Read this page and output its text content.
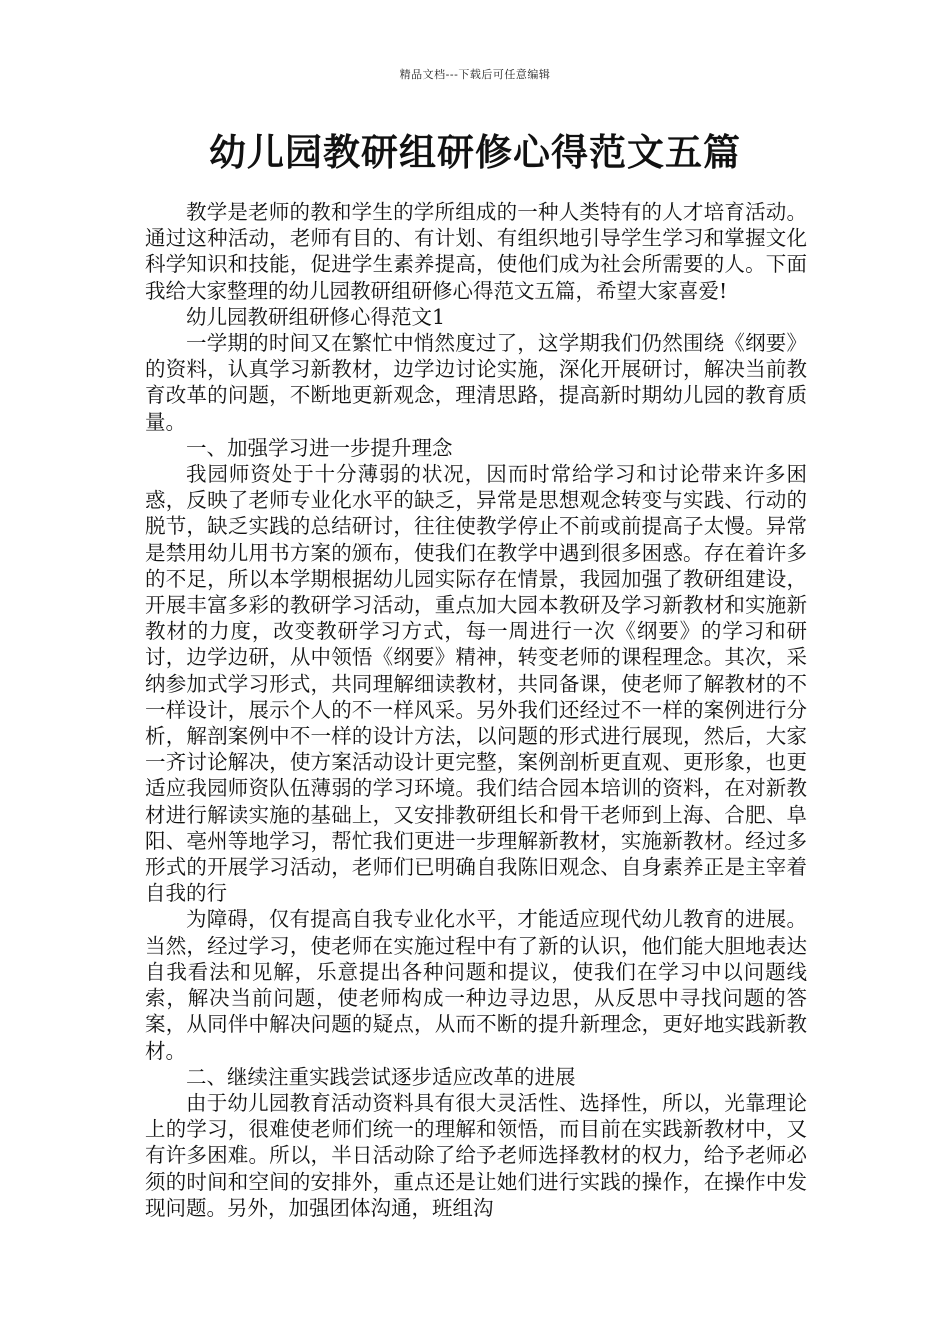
精品文档---下载后可任意编辑
幼儿园教研组研修心得范文五篇

教学是老师的教和学生的学所组成的一种人类特有的人才培育活动。通过这种活动，老师有目的、有计划、有组织地引导学生学习和掌握文化科学知识和技能，促进学生素养提高，使他们成为社会所需要的人。下面我给大家整理的幼儿园教研组研修心得范文五篇，希望大家喜爱!

幼儿园教研组研修心得范文1

一学期的时间又在繁忙中悄然度过了，这学期我们仍然围绕《纲要》的资料，认真学习新教材，边学边讨论实施，深化开展研讨，解决当前教育改革的问题，不断地更新观念，理清思路，提高新时期幼儿园的教育质量。

一、加强学习进一步提升理念

我园师资处于十分薄弱的状况，因而时常给学习和讨论带来许多困惑，反映了老师专业化水平的缺乏，异常是思想观念转变与实践、行动的脱节，缺乏实践的总结研讨，往往使教学停止不前或前提高子太慢。异常是禁用幼儿用书方案的颁布，使我们在教学中遇到很多困惑。存在着许多的不足，所以本学期根据幼儿园实际存在情景，我园加强了教研组建设，开展丰富多彩的教研学习活动，重点加大园本教研及学习新教材和实施新教材的力度，改变教研学习方式，每一周进行一次《纲要》的学习和研讨，边学边研，从中领悟《纲要》精神，转变老师的课程理念。其次，采纳参加式学习形式，共同理解细读教材，共同备课，使老师了解教材的不一样设计，展示个人的不一样风采。另外我们还经过不一样的案例进行分析，解剖案例中不一样的设计方法，以问题的形式进行展现，然后，大家一齐讨论解决，使方案活动设计更完整，案例剖析更直观、更形象，也更适应我园师资队伍薄弱的学习环境。我们结合园本培训的资料，在对新教材进行解读实施的基础上，又安排教研组长和骨干老师到上海、合肥、阜阳、亳州等地学习，帮忙我们更进一步理解新教材，实施新教材。经过多形式的开展学习活动，老师们已明确自我陈旧观念、自身素养正是主宰着自我的行

为障碍，仅有提高自我专业化水平，才能适应现代幼儿教育的进展。当然，经过学习，使老师在实施过程中有了新的认识，他们能大胆地表达自我看法和见解，乐意提出各种问题和提议，使我们在学习中以问题线索，解决当前问题，使老师构成一种边寻边思，从反思中寻找问题的答案，从同伴中解决问题的疑点，从而不断的提升新理念，更好地实践新教材。

二、继续注重实践尝试逐步适应改革的进展

由于幼儿园教育活动资料具有很大灵活性、选择性，所以，光靠理论上的学习，很难使老师们统一的理解和领悟，而目前在实践新教材中，又有许多困难。所以，半日活动除了给予老师选择教材的权力，给予老师必须的时间和空间的安排外，重点还是让她们进行实践的操作，在操作中发现问题。另外，加强团体沟通，班组沟
